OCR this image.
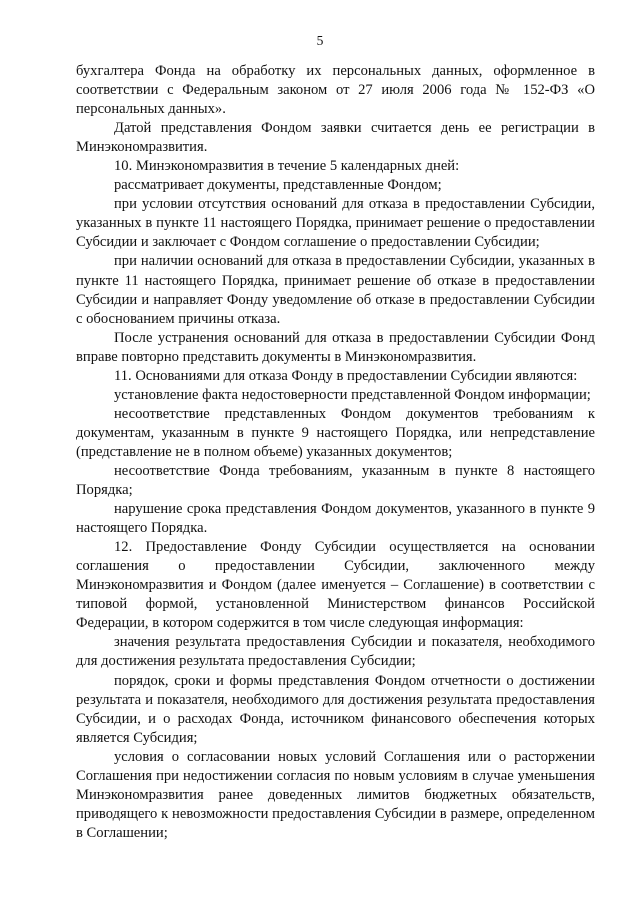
5

бухгалтера Фонда на обработку их персональных данных, оформленное в соответствии с Федеральным законом от 27 июля 2006 года № 152-ФЗ «О персональных данных».

Датой представления Фондом заявки считается день ее регистрации в Минэкономразвития.

10. Минэкономразвития в течение 5 календарных дней:

рассматривает документы, представленные Фондом;

при условии отсутствия оснований для отказа в предоставлении Субсидии, указанных в пункте 11 настоящего Порядка, принимает решение о предоставлении Субсидии и заключает с Фондом соглашение о предоставлении Субсидии;

при наличии оснований для отказа в предоставлении Субсидии, указанных в пункте 11 настоящего Порядка, принимает решение об отказе в предоставлении Субсидии и направляет Фонду уведомление об отказе в предоставлении Субсидии с обоснованием причины отказа.

После устранения оснований для отказа в предоставлении Субсидии Фонд вправе повторно представить документы в Минэкономразвития.

11. Основаниями для отказа Фонду в предоставлении Субсидии являются:

установление факта недостоверности представленной Фондом информации;

несоответствие представленных Фондом документов требованиям к документам, указанным в пункте 9 настоящего Порядка, или непредставление (представление не в полном объеме) указанных документов;

несоответствие Фонда требованиям, указанным в пункте 8 настоящего Порядка;

нарушение срока представления Фондом документов, указанного в пункте 9 настоящего Порядка.

12. Предоставление Фонду Субсидии осуществляется на основании соглашения о предоставлении Субсидии, заключенного между Минэкономразвития и Фондом (далее именуется – Соглашение) в соответствии с типовой формой, установленной Министерством финансов Российской Федерации, в котором содержится в том числе следующая информация:

значения результата предоставления Субсидии и показателя, необходимого для достижения результата предоставления Субсидии;

порядок, сроки и формы представления Фондом отчетности о достижении результата и показателя, необходимого для достижения результата предоставления Субсидии, и о расходах Фонда, источником финансового обеспечения которых является Субсидия;

условия о согласовании новых условий Соглашения или о расторжении Соглашения при недостижении согласия по новым условиям в случае уменьшения Минэкономразвития ранее доведенных лимитов бюджетных обязательств, приводящего к невозможности предоставления Субсидии в размере, определенном в Соглашении;
